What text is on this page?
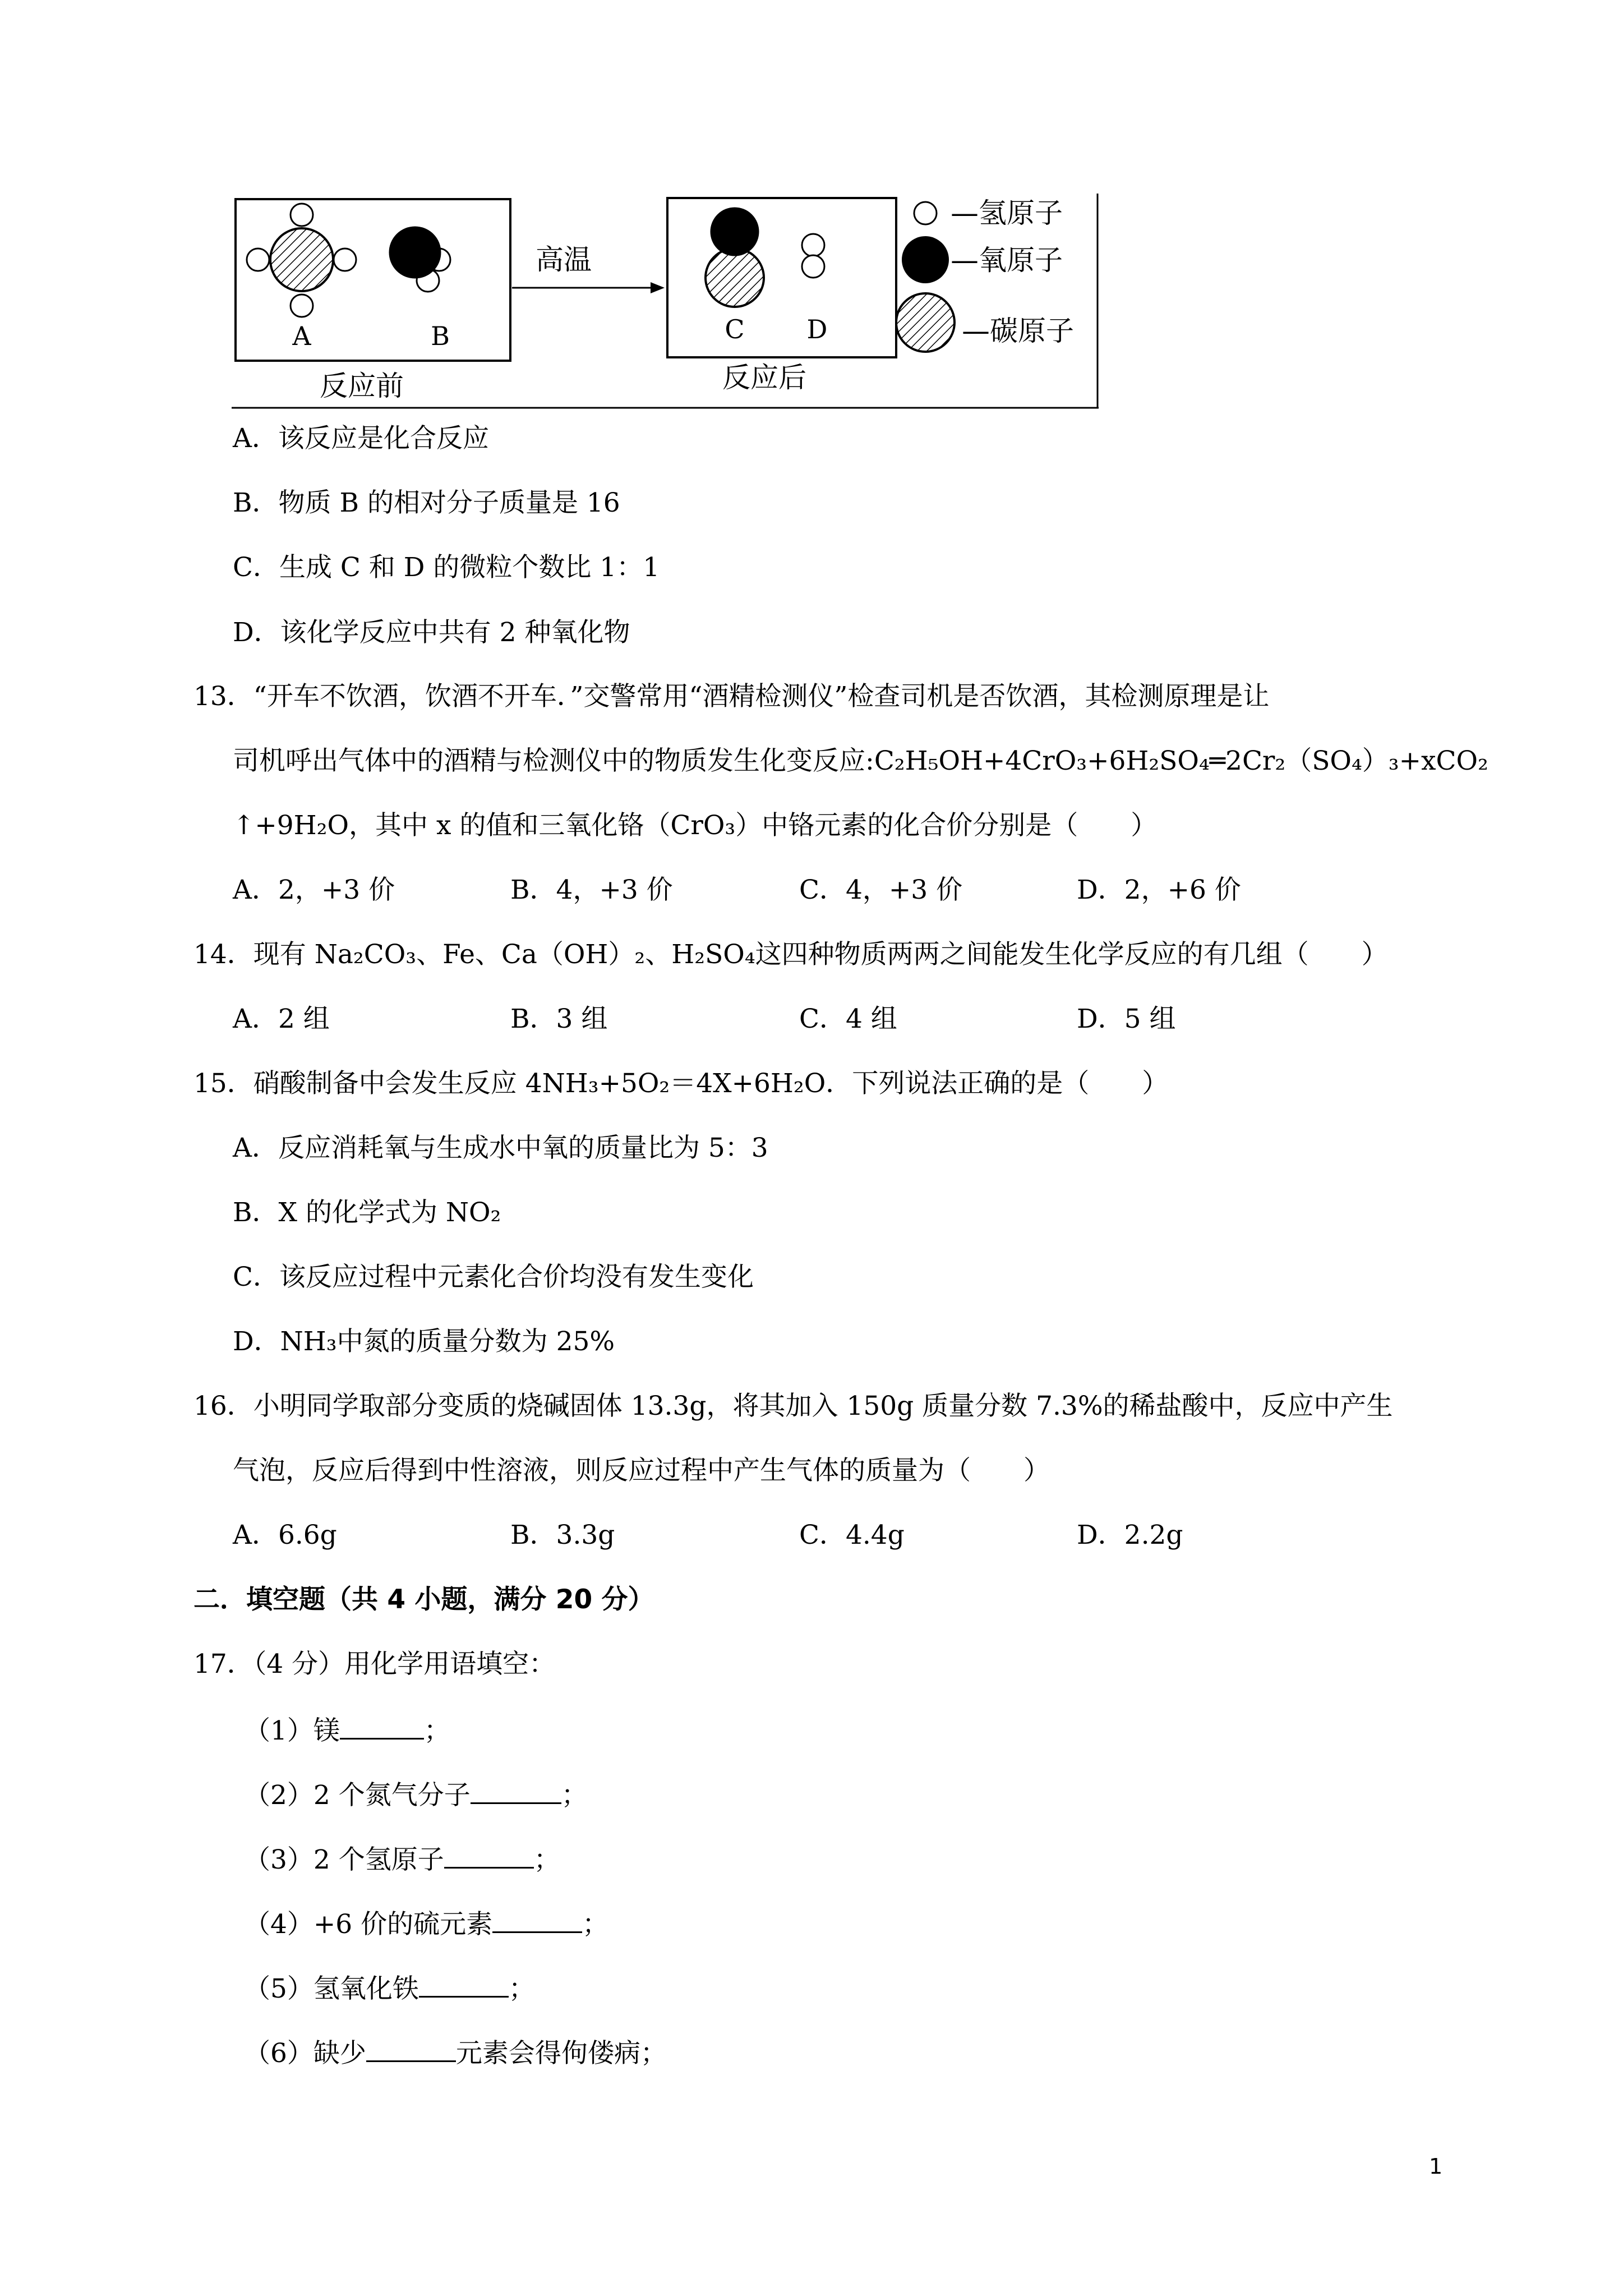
A	B
反应前
高温
C D
反应后
—氢原子
—氧原子
—碳原子
A．该反应是化合反应
B．物质 B 的相对分子质量是 16
C．生成 C 和 D 的微粒个数比 1：1
D．该化学反应中共有 2 种氧化物
13．“开车不饮酒，饮酒不开车．”交警常用“酒精检测仪”检查司机是否饮酒，其检测原理是让
司机呼出气体中的酒精与检测仪中的物质发生化变反应:C₂H₅OH+4CrO₃+6H₂SO₄═2Cr₂（SO₄）₃+xCO₂
↑+9H₂O，其中 x 的值和三氧化铬（CrO₃）中铬元素的化合价分别是（　　）
A．2，+3 价	B．4，+3 价	C．4，+3 价	D．2，+6 价
14．现有 Na₂CO₃、Fe、Ca（OH）₂、H₂SO₄这四种物质两两之间能发生化学反应的有几组（　　）
A．2 组	B．3 组	C．4 组	D．5 组
15．硝酸制备中会发生反应 4NH₃+5O₂＝4X+6H₂O．下列说法正确的是（　　）
A．反应消耗氧与生成水中氧的质量比为 5：3
B．X 的化学式为 NO₂
C．该反应过程中元素化合价均没有发生变化
D．NH₃中氮的质量分数为 25%
16．小明同学取部分变质的烧碱固体 13.3g，将其加入 150g 质量分数 7.3%的稀盐酸中，反应中产生
气泡，反应后得到中性溶液，则反应过程中产生气体的质量为（　　）
A．6.6g	B．3.3g	C．4.4g	D．2.2g
二．填空题（共 4 小题，满分 20 分）
17．（4 分）用化学用语填空：
（1）镁	；
（2）2 个氮气分子	；
（3）2 个氢原子	；
（4）+6 价的硫元素	；
（5）氢氧化铁	；
（6）缺少	元素会得佝偻病；
1
